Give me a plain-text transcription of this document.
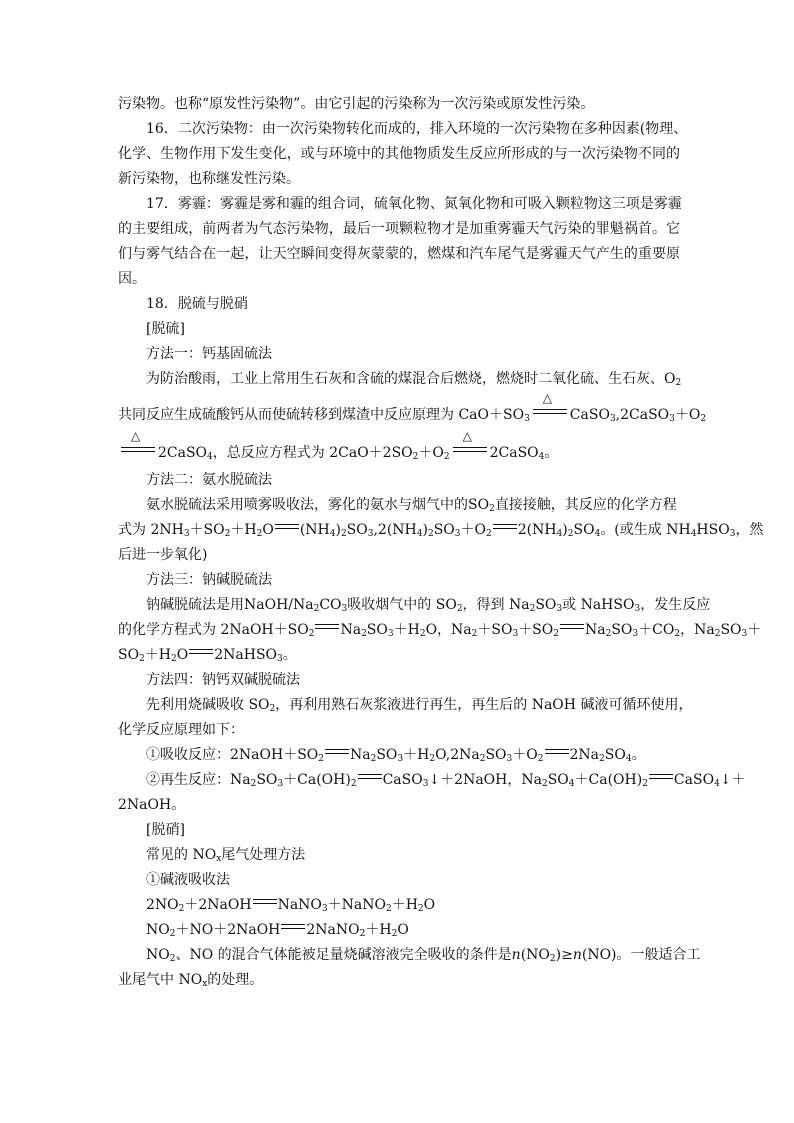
污染物。也称“原发性污染物”。由它引起的污染称为一次污染或原发性污染。
16．二次污染物：由一次污染物转化而成的，排入环境的一次污染物在多种因素(物理、
化学、生物作用下发生变化，或与环境中的其他物质发生反应所形成的与一次污染物不同的
新污染物，也称继发性污染。
17．雾霾：雾霾是雾和霾的组合词，硫氧化物、氮氧化物和可吸入颗粒物这三项是雾霾
的主要组成，前两者为气态污染物，最后一项颗粒物才是加重雾霾天气污染的罪魁祸首。它
们与雾气结合在一起，让天空瞬间变得灰蒙蒙的，燃煤和汽车尾气是雾霾天气产生的重要原
因。
18．脱硫与脱硝
[脱硫]
方法一：钙基固硫法
为防治酸雨，工业上常用生石灰和含硫的煤混合后燃烧，燃烧时二氧化硫、生石灰、$O_2$
共同反应生成硫酸钙从而使硫转移到煤渣中反应原理为 $CaO+SO_3$
△
$CaSO_3,2CaSO_3+O_2$
△
2CaSO$_4$，总反应方程式为 $2CaO+2SO_2+O_2$
△
2CaSO$_4$。
方法二：氨水脱硫法
氨水脱硫法采用喷雾吸收法，雾化的氨水与烟气中的$SO_2$直接接触，其反应的化学方程
式为 $2NH_3+SO_2+H_2O$ $(NH_4)_2SO_3,2(NH_4)_2SO_3+O_2$ $2(NH_4)_2SO_4$。(或生成 $NH_4HSO_3$，然
后进一步氧化)
方法三：钠碱脱硫法
钠碱脱硫法是用NaOH/$Na_2CO_3$吸收烟气中的 $SO_2$，得到 $Na_2SO_3$或 NaHSO$_3$，发生反应
的化学方程式为 $2NaOH+SO_2$ $Na_2SO_3+H_2O$，$Na_2+SO_3+SO_2$ $Na_2SO_3+CO_2$，$Na_2SO_3+$
$SO_2+H_2O$ 2NaHSO$_3$。
方法四：钠钙双碱脱硫法
先利用烧碱吸收 $SO_2$，再利用熟石灰浆液进行再生，再生后的 NaOH 碱液可循环使用，
化学反应原理如下：
①吸收反应：$2NaOH+SO_2$ $Na_2SO_3+H_2O,2Na_2SO_3+O_2$ $2Na_2SO_4$。
②再生反应：$Na_2SO_3+Ca(OH)_2$ CaSO$_3$↓＋2NaOH，$Na_2SO_4+Ca(OH)_2$ CaSO$_4$↓＋
2NaOH。
[脱硝]
常见的 $NO_x$尾气处理方法
①碱液吸收法
$2NO_2+2NaOH$ $NaNO_3+NaNO_2+H_2O$
$NO_2+NO+2NaOH$ $2NaNO_2+H_2O$
$NO_2$、NO 的混合气体能被足量烧碱溶液完全吸收的条件是$n(NO_2)\ge n(NO)$。一般适合工
业尾气中 $NO_x$的处理。
